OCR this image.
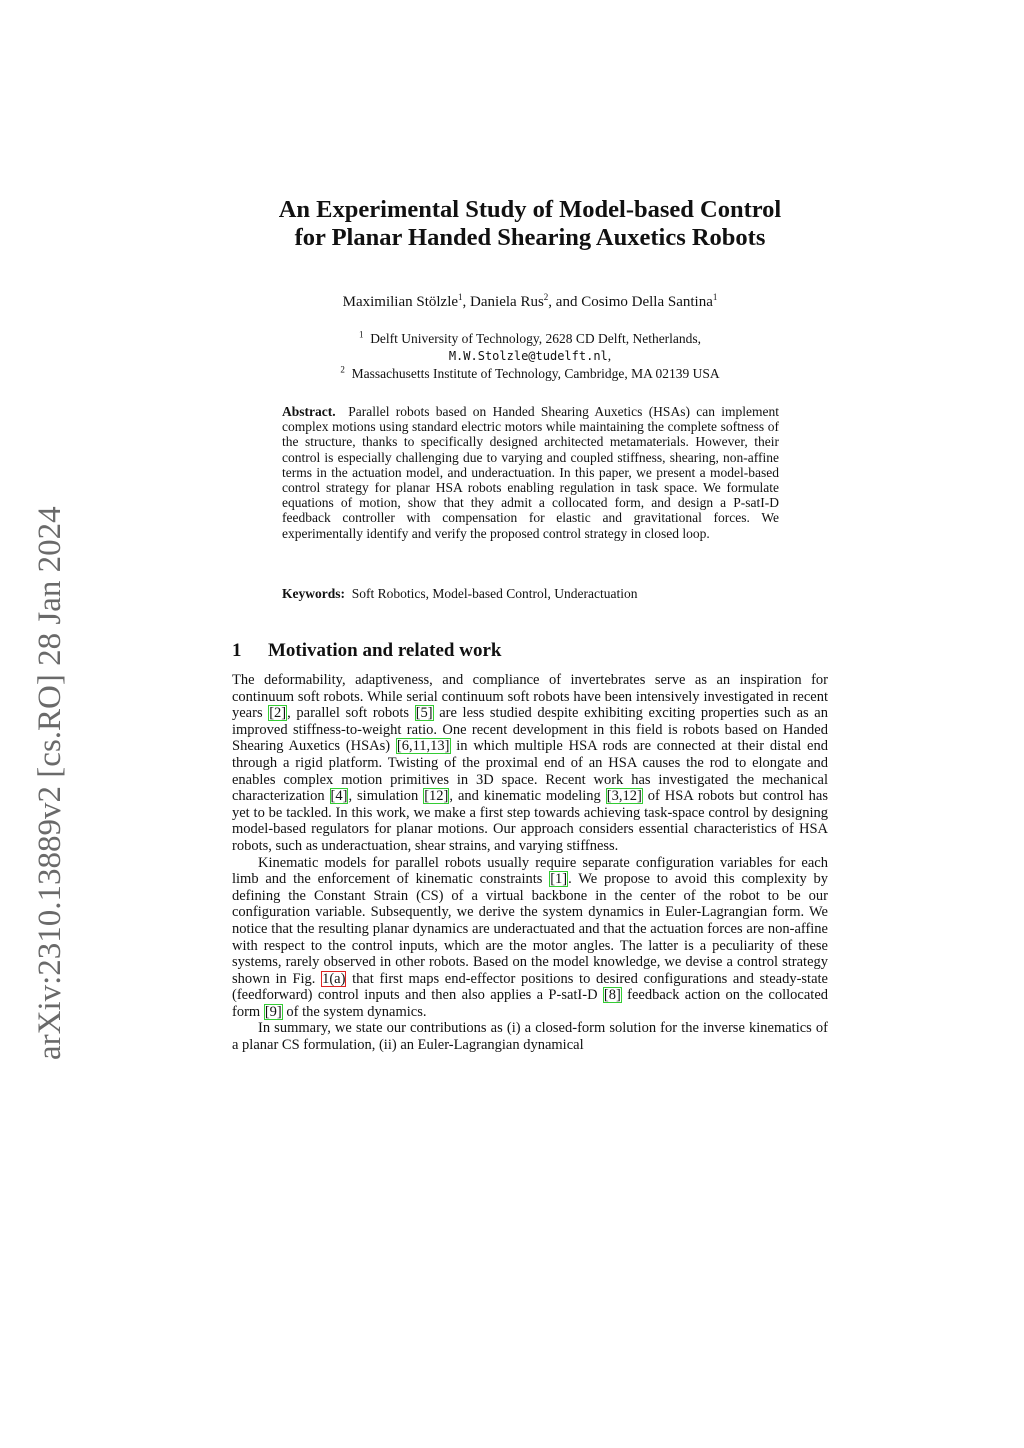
arXiv:2310.13889v2 [cs.RO] 28 Jan 2024
An Experimental Study of Model-based Control
for Planar Handed Shearing Auxetics Robots
Maximilian Stölzle$^1$, Daniela Rus$^2$, and Cosimo Della Santina$^1$
$^1$ Delft University of Technology, 2628 CD Delft, Netherlands,
M.W.Stolzle@tudelft.nl,
$^2$ Massachusetts Institute of Technology, Cambridge, MA 02139 USA
Abstract. Parallel robots based on Handed Shearing Auxetics (HSAs) can implement complex motions using standard electric motors while maintaining the complete softness of the structure, thanks to specifically designed architected metamaterials. However, their control is especially challenging due to varying and coupled stiffness, shearing, non-affine terms in the actuation model, and underactuation. In this paper, we present a model-based control strategy for planar HSA robots enabling regulation in task space. We formulate equations of motion, show that they admit a collocated form, and design a P-satI-D feedback controller with compensation for elastic and gravitational forces. We experimentally identify and verify the proposed control strategy in closed loop.
Keywords: Soft Robotics, Model-based Control, Underactuation
1 Motivation and related work

The deformability, adaptiveness, and compliance of invertebrates serve as an inspiration for continuum soft robots. While serial continuum soft robots have been intensively investigated in recent years [2], parallel soft robots [5] are less studied despite exhibiting exciting properties such as an improved stiffness-to-weight ratio. One recent development in this field is robots based on Handed Shearing Auxetics (HSAs) [6,11,13] in which multiple HSA rods are connected at their distal end through a rigid platform. Twisting of the proximal end of an HSA causes the rod to elongate and enables complex motion primitives in 3D space. Recent work has investigated the mechanical characterization [4], simulation [12], and kinematic modeling [3,12] of HSA robots but control has yet to be tackled. In this work, we make a first step towards achieving task-space control by designing model-based regulators for planar motions. Our approach considers essential characteristics of HSA robots, such as underactuation, shear strains, and varying stiffness.

Kinematic models for parallel robots usually require separate configuration variables for each limb and the enforcement of kinematic constraints [1]. We propose to avoid this complexity by defining the Constant Strain (CS) of a virtual backbone in the center of the robot to be our configuration variable. Subsequently, we derive the system dynamics in Euler-Lagrangian form. We notice that the resulting planar dynamics are underactuated and that the actuation forces are non-affine with respect to the control inputs, which are the motor angles. The latter is a peculiarity of these systems, rarely observed in other robots. Based on the model knowledge, we devise a control strategy shown in Fig. 1(a) that first maps end-effector positions to desired configurations and steady-state (feedforward) control inputs and then also applies a P-satI-D [8] feedback action on the collocated form [9] of the system dynamics.

In summary, we state our contributions as (i) a closed-form solution for the inverse kinematics of a planar CS formulation, (ii) an Euler-Lagrangian dynamical
